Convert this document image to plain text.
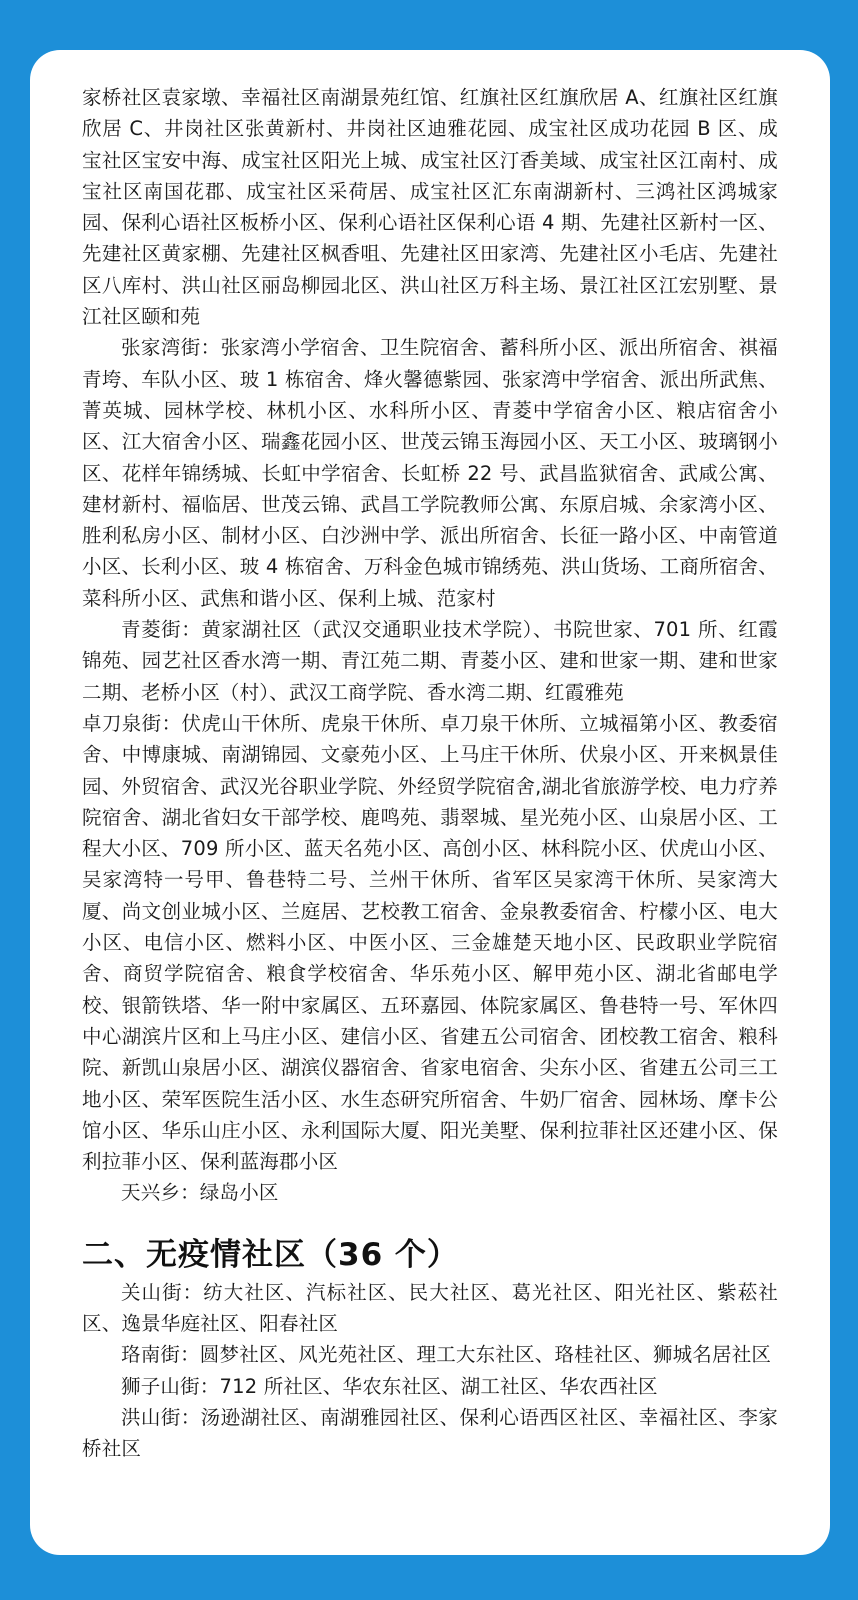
家桥社区袁家墩、幸福社区南湖景苑红馆、红旗社区红旗欣居 A、红旗社区红旗欣居 C、井岗社区张黄新村、井岗社区迪雅花园、成宝社区成功花园 B 区、成宝社区宝安中海、成宝社区阳光上城、成宝社区汀香美域、成宝社区江南村、成宝社区南国花郡、成宝社区采荷居、成宝社区汇东南湖新村、三鸿社区鸿城家园、保利心语社区板桥小区、保利心语社区保利心语 4 期、先建社区新村一区、先建社区黄家棚、先建社区枫香咀、先建社区田家湾、先建社区小毛店、先建社区八库村、洪山社区丽岛柳园北区、洪山社区万科主场、景江社区江宏别墅、景江社区颐和苑

张家湾街：张家湾小学宿舍、卫生院宿舍、蓄科所小区、派出所宿舍、祺福青垮、车队小区、玻 1 栋宿舍、烽火馨德紫园、张家湾中学宿舍、派出所武焦、菁英城、园林学校、林机小区、水科所小区、青菱中学宿舍小区、粮店宿舍小区、江大宿舍小区、瑞鑫花园小区、世茂云锦玉海园小区、天工小区、玻璃钢小区、花样年锦绣城、长虹中学宿舍、长虹桥 22 号、武昌监狱宿舍、武咸公寓、建材新村、福临居、世茂云锦、武昌工学院教师公寓、东原启城、余家湾小区、胜利私房小区、制材小区、白沙洲中学、派出所宿舍、长征一路小区、中南管道小区、长利小区、玻 4 栋宿舍、万科金色城市锦绣苑、洪山货场、工商所宿舍、菜科所小区、武焦和谐小区、保利上城、范家村

青菱街：黄家湖社区（武汉交通职业技术学院）、书院世家、701 所、红霞锦苑、园艺社区香水湾一期、青江苑二期、青菱小区、建和世家一期、建和世家二期、老桥小区（村）、武汉工商学院、香水湾二期、红霞雅苑

卓刀泉街：伏虎山干休所、虎泉干休所、卓刀泉干休所、立城福第小区、教委宿舍、中博康城、南湖锦园、文豪苑小区、上马庄干休所、伏泉小区、开来枫景佳园、外贸宿舍、武汉光谷职业学院、外经贸学院宿舍,湖北省旅游学校、电力疗养院宿舍、湖北省妇女干部学校、鹿鸣苑、翡翠城、星光苑小区、山泉居小区、工程大小区、709 所小区、蓝天名苑小区、高创小区、林科院小区、伏虎山小区、吴家湾特一号甲、鲁巷特二号、兰州干休所、省军区吴家湾干休所、吴家湾大厦、尚文创业城小区、兰庭居、艺校教工宿舍、金泉教委宿舍、柠檬小区、电大小区、电信小区、燃料小区、中医小区、三金雄楚天地小区、民政职业学院宿舍、商贸学院宿舍、粮食学校宿舍、华乐苑小区、解甲苑小区、湖北省邮电学校、银箭铁塔、华一附中家属区、五环嘉园、体院家属区、鲁巷特一号、军休四中心湖滨片区和上马庄小区、建信小区、省建五公司宿舍、团校教工宿舍、粮科院、新凯山泉居小区、湖滨仪器宿舍、省家电宿舍、尖东小区、省建五公司三工地小区、荣军医院生活小区、水生态研究所宿舍、牛奶厂宿舍、园林场、摩卡公馆小区、华乐山庄小区、永利国际大厦、阳光美墅、保利拉菲社区还建小区、保利拉菲小区、保利蓝海郡小区

天兴乡：绿岛小区

二、无疫情社区（36 个）

关山街：纺大社区、汽标社区、民大社区、葛光社区、阳光社区、紫菘社区、逸景华庭社区、阳春社区

珞南街：圆梦社区、风光苑社区、理工大东社区、珞桂社区、狮城名居社区

狮子山街：712 所社区、华农东社区、湖工社区、华农西社区

洪山街：汤逊湖社区、南湖雅园社区、保利心语西区社区、幸福社区、李家桥社区
